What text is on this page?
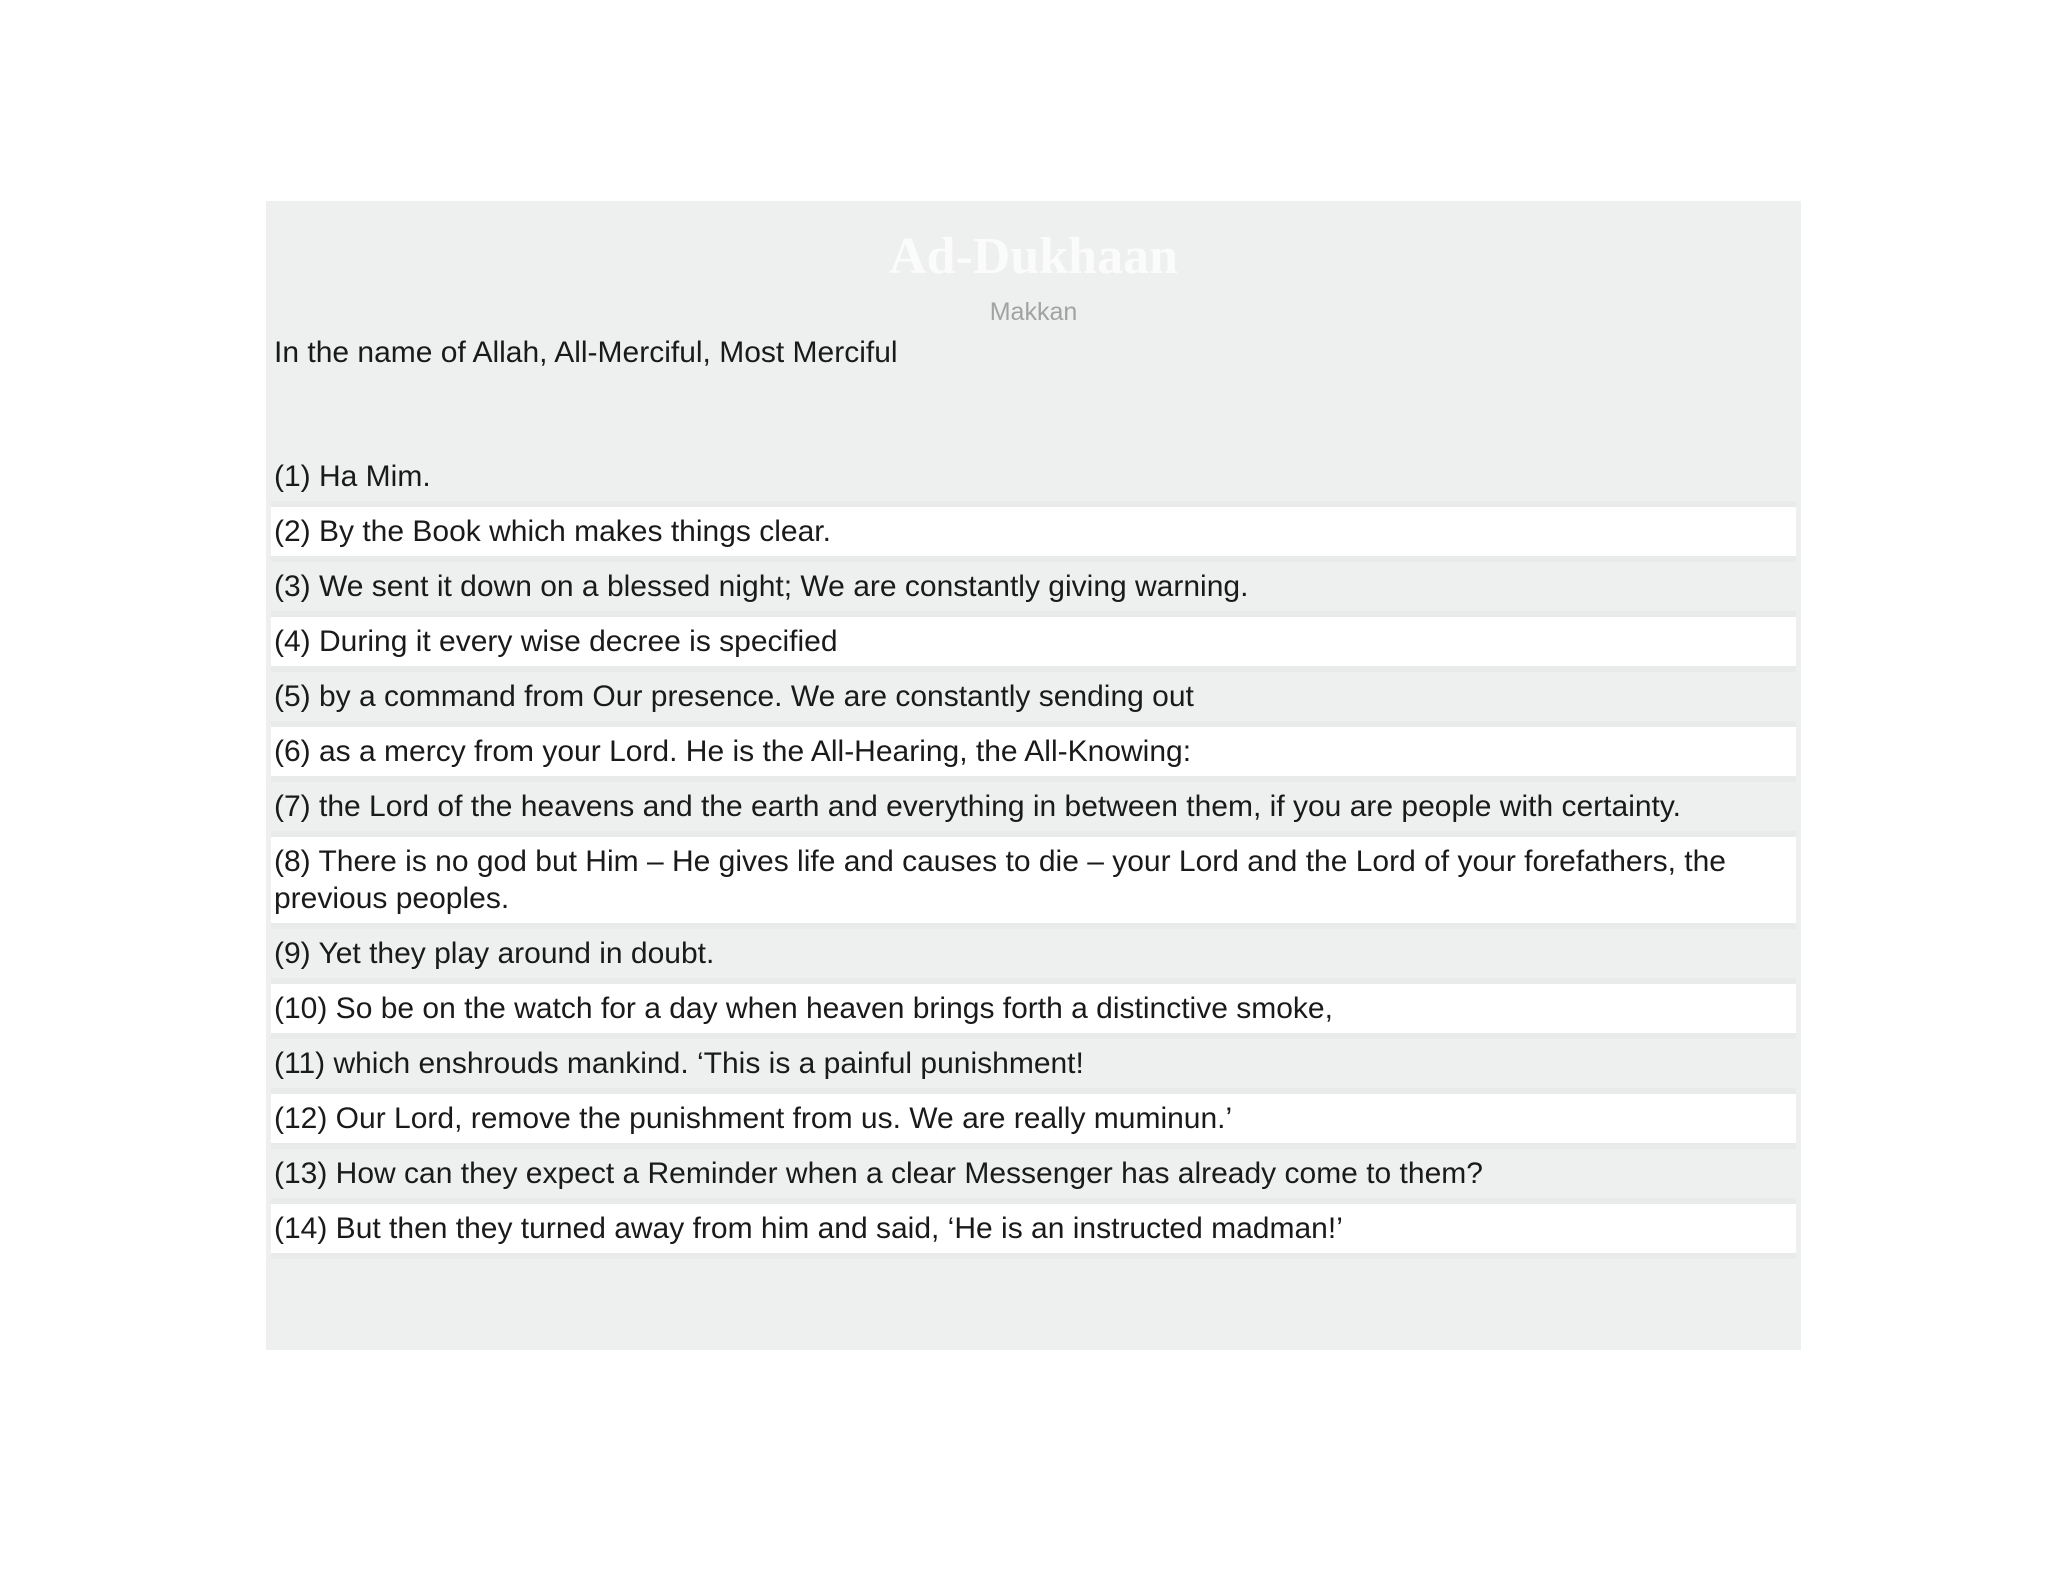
Ad-Dukhaan
Makkan
In the name of Allah, All-Merciful, Most Merciful
(1) Ha Mim.
(2) By the Book which makes things clear.
(3) We sent it down on a blessed night; We are constantly giving warning.
(4) During it every wise decree is specified
(5) by a command from Our presence. We are constantly sending out
(6) as a mercy from your Lord. He is the All-Hearing, the All-Knowing:
(7) the Lord of the heavens and the earth and everything in between them, if you are people with certainty.
(8) There is no god but Him – He gives life and causes to die – your Lord and the Lord of your forefathers, the previous peoples.
(9) Yet they play around in doubt.
(10) So be on the watch for a day when heaven brings forth a distinctive smoke,
(11) which enshrouds mankind. ‘This is a painful punishment!
(12) Our Lord, remove the punishment from us. We are really muminun.’
(13) How can they expect a Reminder when a clear Messenger has already come to them?
(14) But then they turned away from him and said, ‘He is an instructed madman!’
